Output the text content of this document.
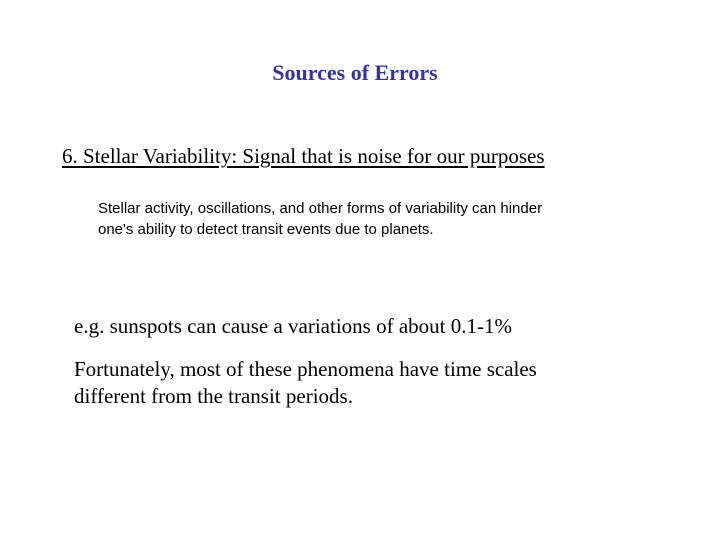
Sources of Errors
6. Stellar Variability: Signal that is noise for our purposes
Stellar activity, oscillations, and other forms of variability can hinder
one's ability to detect transit events due to planets.
e.g. sunspots can cause a variations of about 0.1-1%
Fortunately, most of these phenomena have time scales
different from the transit periods.
